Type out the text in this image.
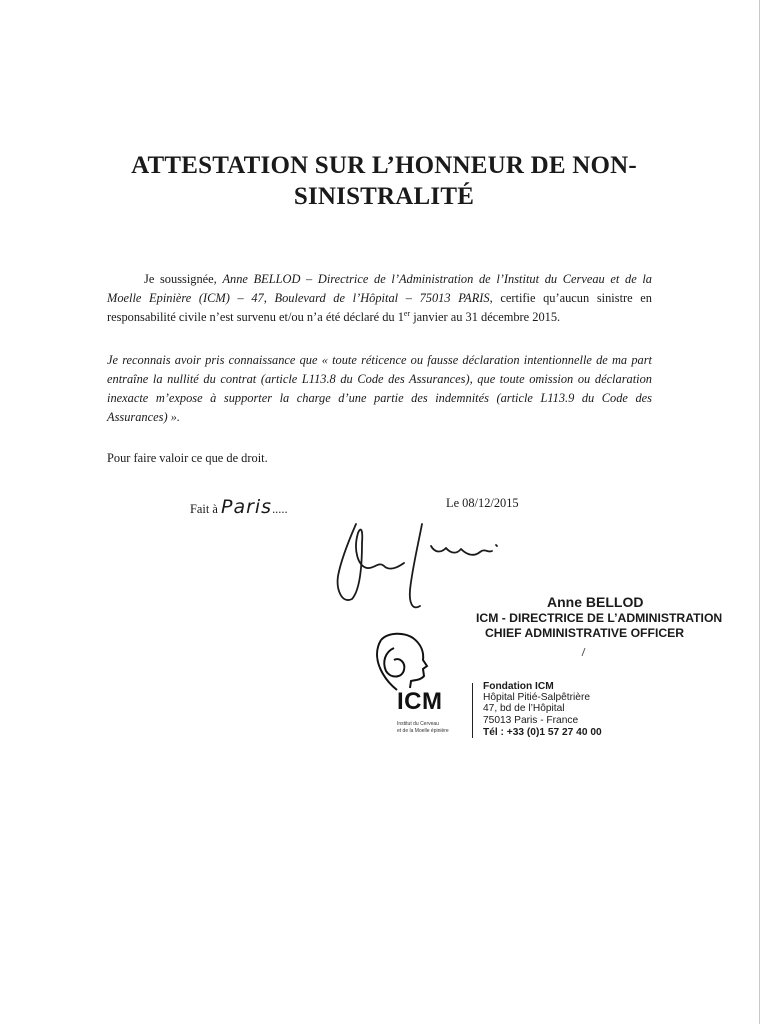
ATTESTATION SUR L’HONNEUR DE NON-
SINISTRALITÉ

Je soussignée, Anne BELLOD – Directrice de l’Administration de l’Institut du Cerveau et de la Moelle Epinière (ICM) – 47, Boulevard de l’Hôpital – 75013 PARIS, certifie qu’aucun sinistre en responsabilité civile n’est survenu et/ou n’a été déclaré du 1er janvier au 31 décembre 2015.

Je reconnais avoir pris connaissance que « toute réticence ou fausse déclaration intentionnelle de ma part entraîne la nullité du contrat (article L113.8 du Code des Assurances), que toute omission ou déclaration inexacte m’expose à supporter la charge d’une partie des indemnités (article L113.9 du Code des Assurances) ».

Pour faire valoir ce que de droit.

Fait à Paris.....	Le 08/12/2015
Anne BELLOD
ICM - DIRECTRICE DE L’ADMINISTRATION
CHIEF ADMINISTRATIVE OFFICER
ICM
Institut du Cerveau
et de la Moelle épinière
Fondation ICM
Hôpital Pitié-Salpêtrière
47, bd de l’Hôpital
75013 Paris - France
Tél : +33 (0)1 57 27 40 00
